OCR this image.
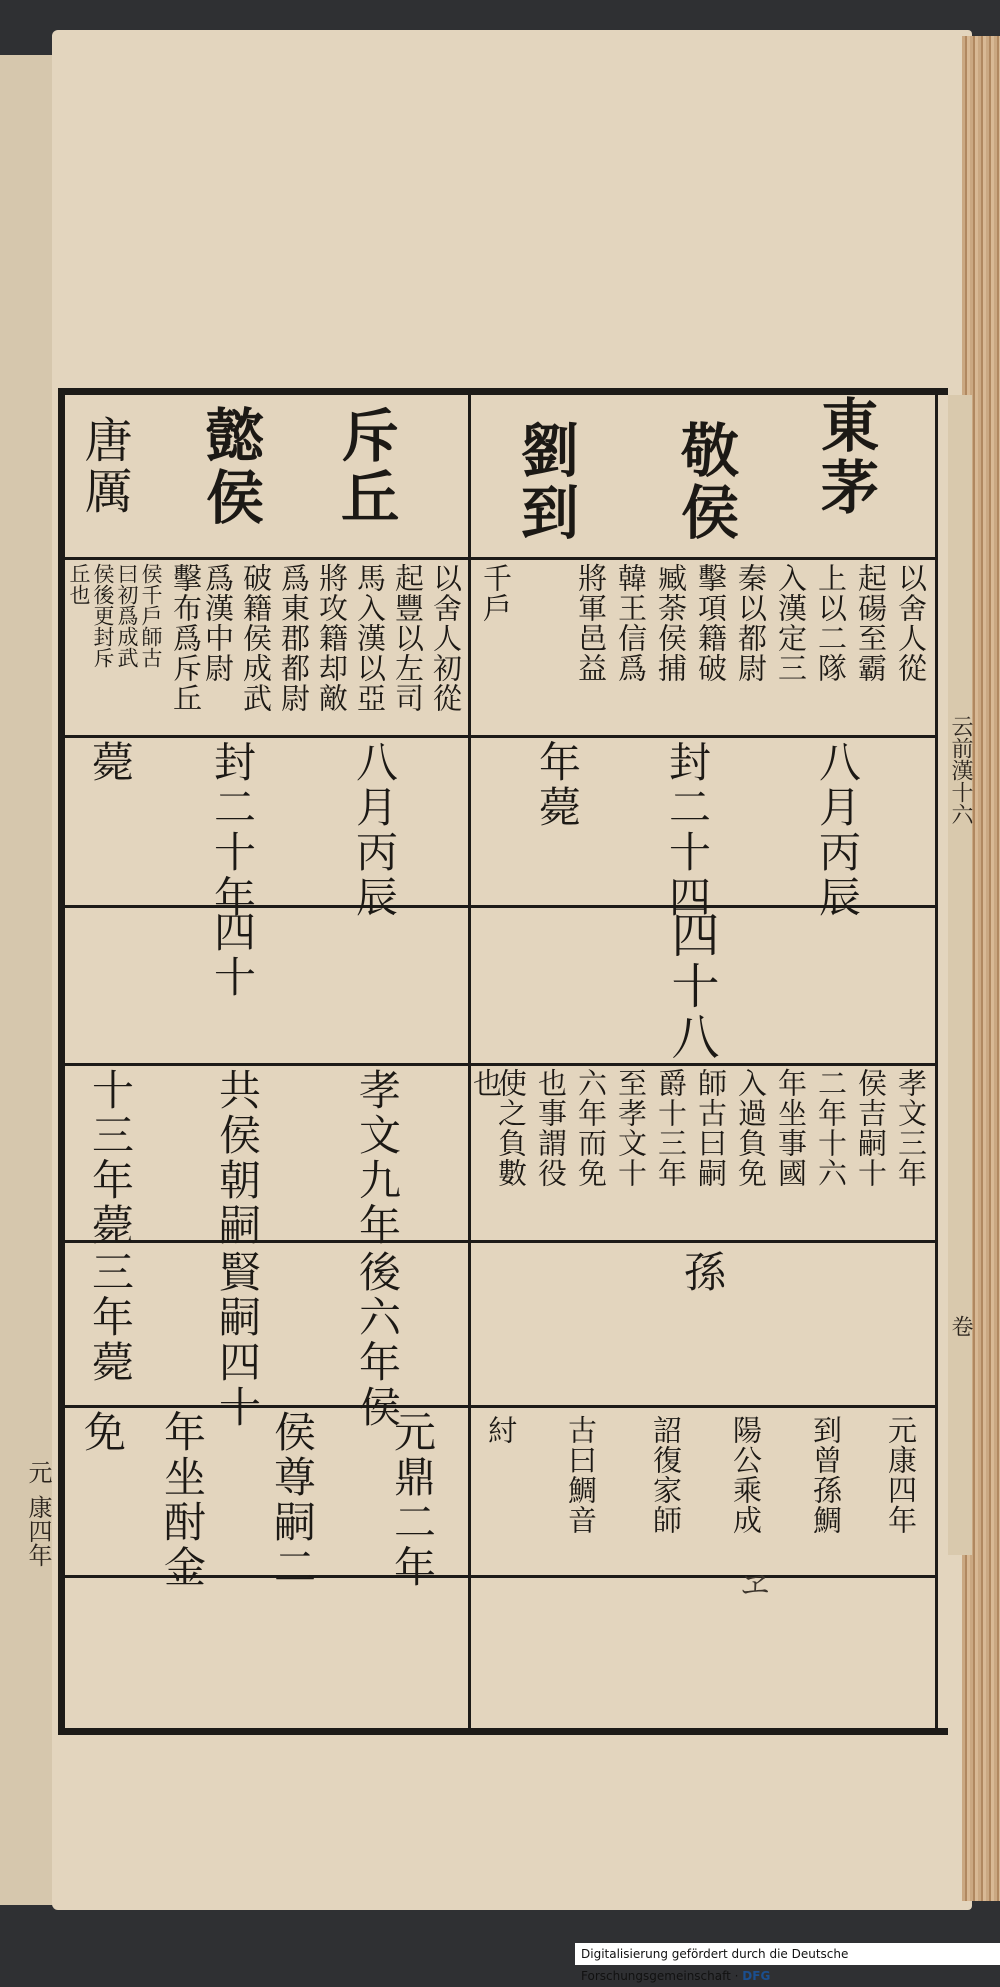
元
康四年
云前漢十六
卷
東茅
敬侯
劉到
以舍人從
起碭至霸
上以二隊
入漢定三
秦以都尉
擊項籍破
臧荼侯捕
韓王信爲
將軍邑益
千戶
八月丙辰
封二十四
年薨
四十八
孝文三年
侯吉嗣十
二年十六
年坐事國
入過負免
師古曰嗣
爵十三年
至孝文十
六年而免
也事謂役
使之負數
也
孫
元康四年
到曾孫鯛
陽公乘成
詔復家師
古曰鯛音
紂
斥丘
懿侯
唐厲
以舍人初從
起豐以左司
馬入漢以亞
將攻籍却敵
爲東郡都尉
破籍侯成武
爲漢中尉
擊布爲斥丘
侯千戶師古
曰初爲成武
侯後更封斥
丘也
八月丙辰
封二十年
薨
四十
孝文九年
後六年侯
共侯朝嗣
賢嗣四十
十三年薨
三年薨
元鼎二年
侯尊嗣二
年坐酎金
免
ヱ
Digitalisierung gefördert durch die Deutsche Forschungsgemeinschaft · DFG
